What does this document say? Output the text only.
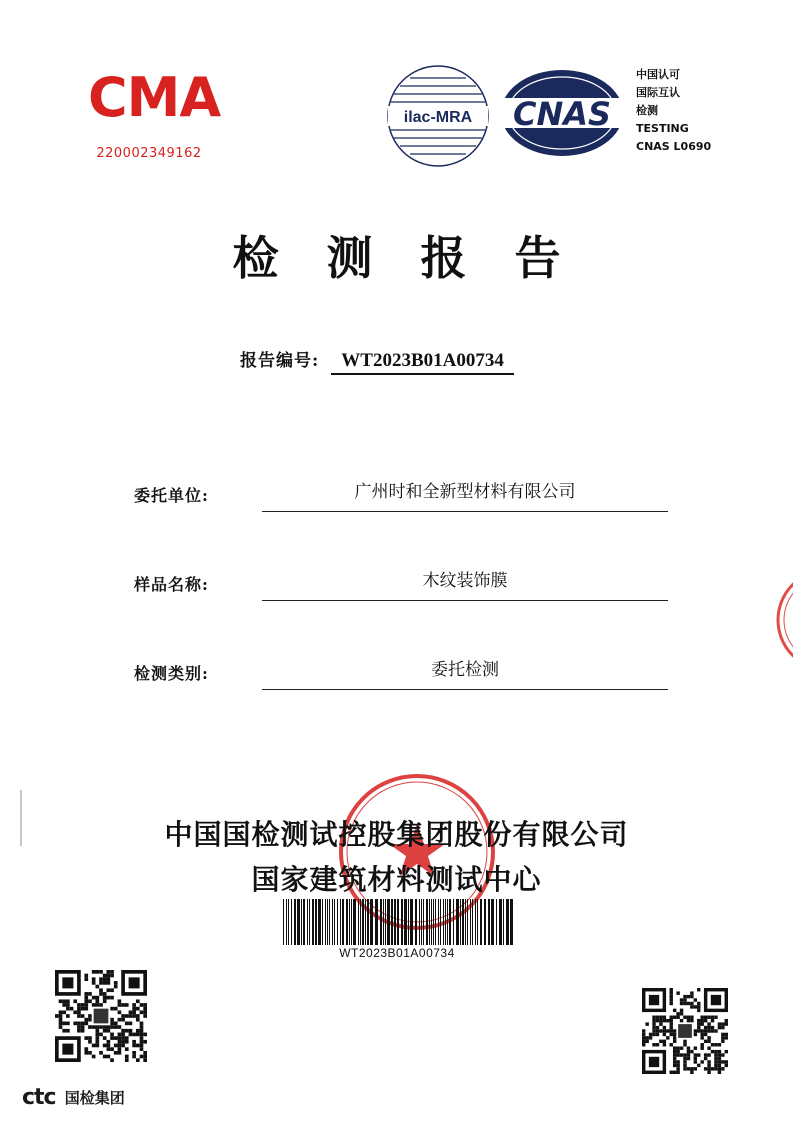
CMA
220002349162
ilac-MRA CNAS
中国认可
国际互认
检测
TESTING
CNAS L0690
检测报告
报告编号: WT2023B01A00734
委托单位:	广州时和全新型材料有限公司
样品名称:	木纹装饰膜
检测类别:	委托检测
中国国检测试控股集团股份有限公司
国家建筑材料测试中心
WT2023B01A00734
ctc 国检集团
